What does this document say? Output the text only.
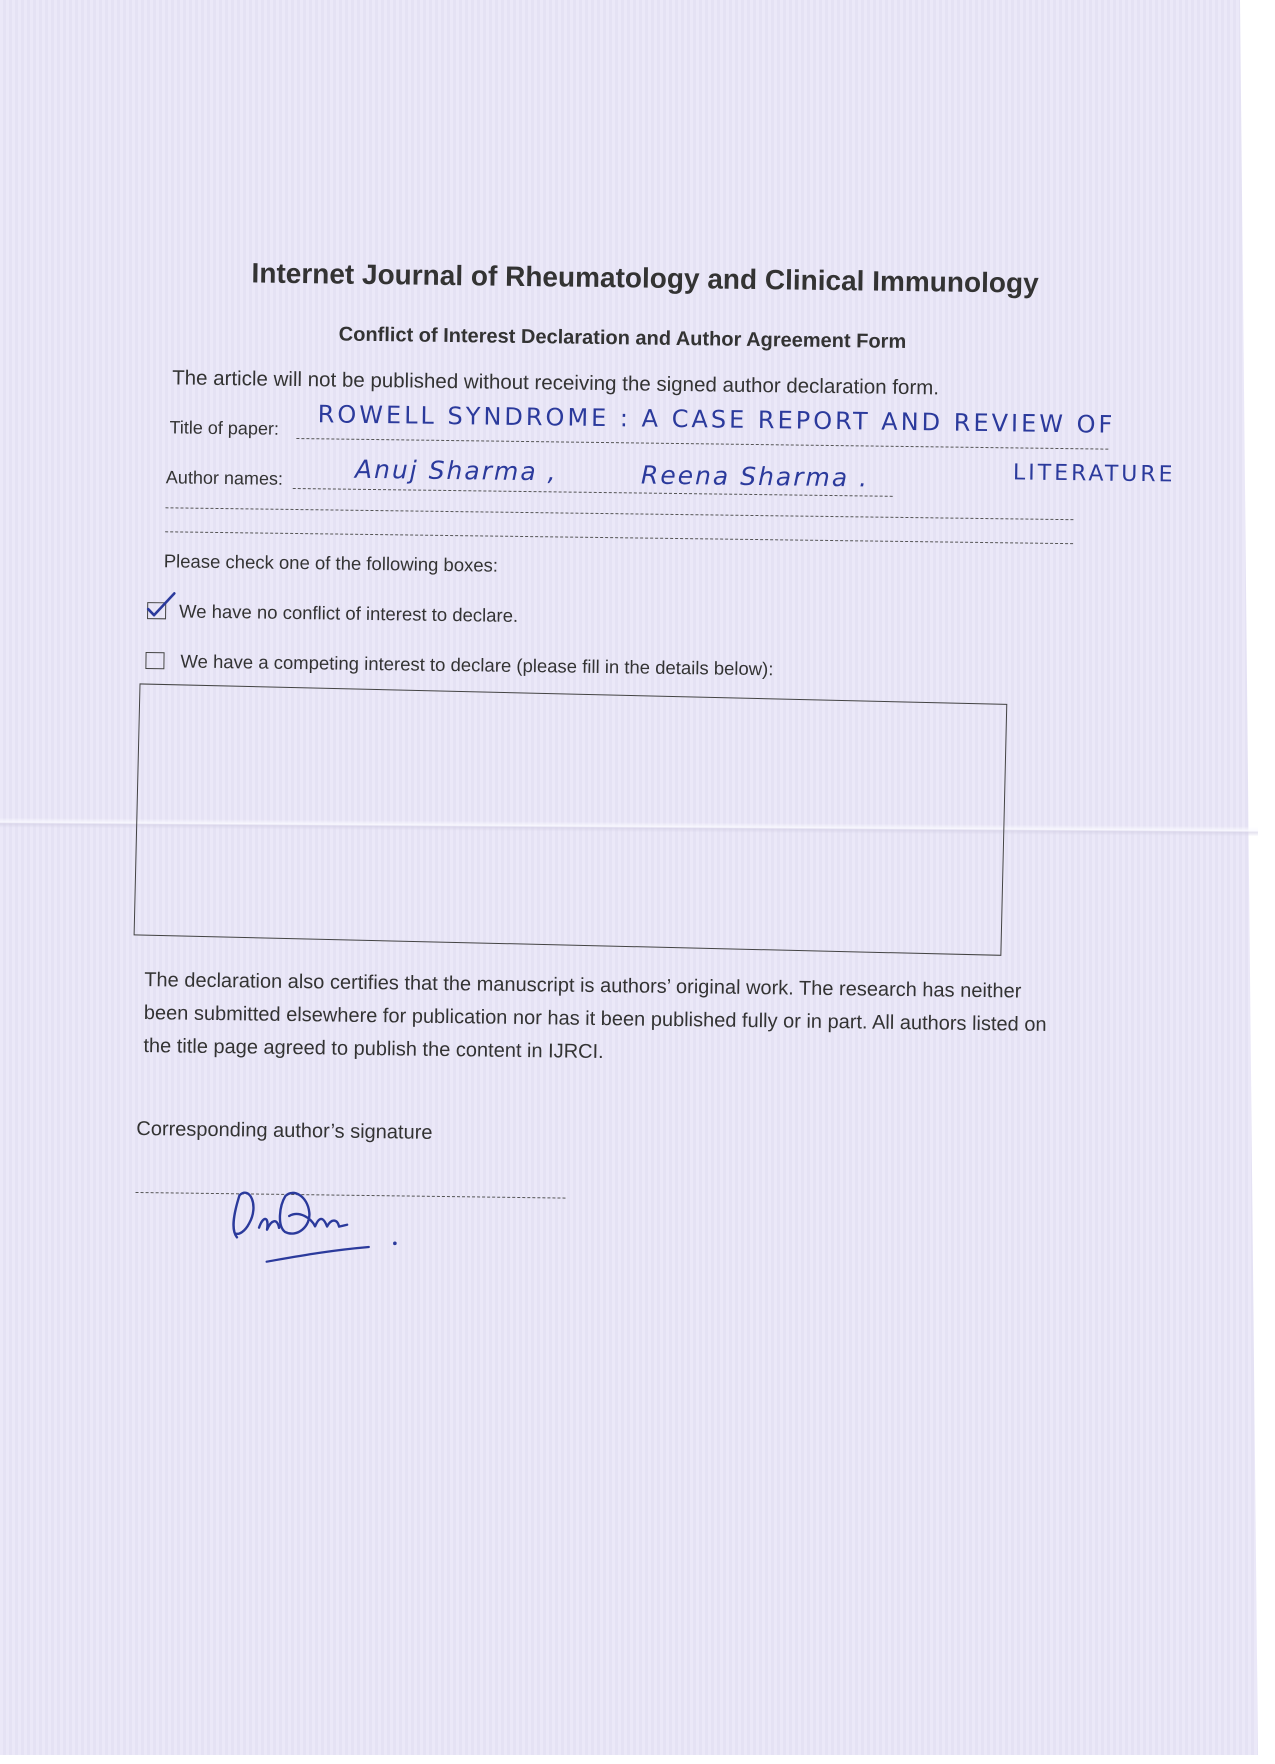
Internet Journal of Rheumatology and Clinical Immunology
Conflict of Interest Declaration and Author Agreement Form
The article will not be published without receiving the signed author declaration form.
Title of paper: ROWELL SYNDROME : A CASE REPORT AND REVIEW OF
LITERATURE
Author names:	Anuj Sharma ,	Reena Sharma .
Please check one of the following boxes:
We have no conflict of interest to declare.
We have a competing interest to declare (please fill in the details below):
The declaration also certifies that the manuscript is authors’ original work. The research has neither been submitted elsewhere for publication nor has it been published fully or in part. All authors listed on the title page agreed to publish the content in IJRCI.
Corresponding author’s signature
